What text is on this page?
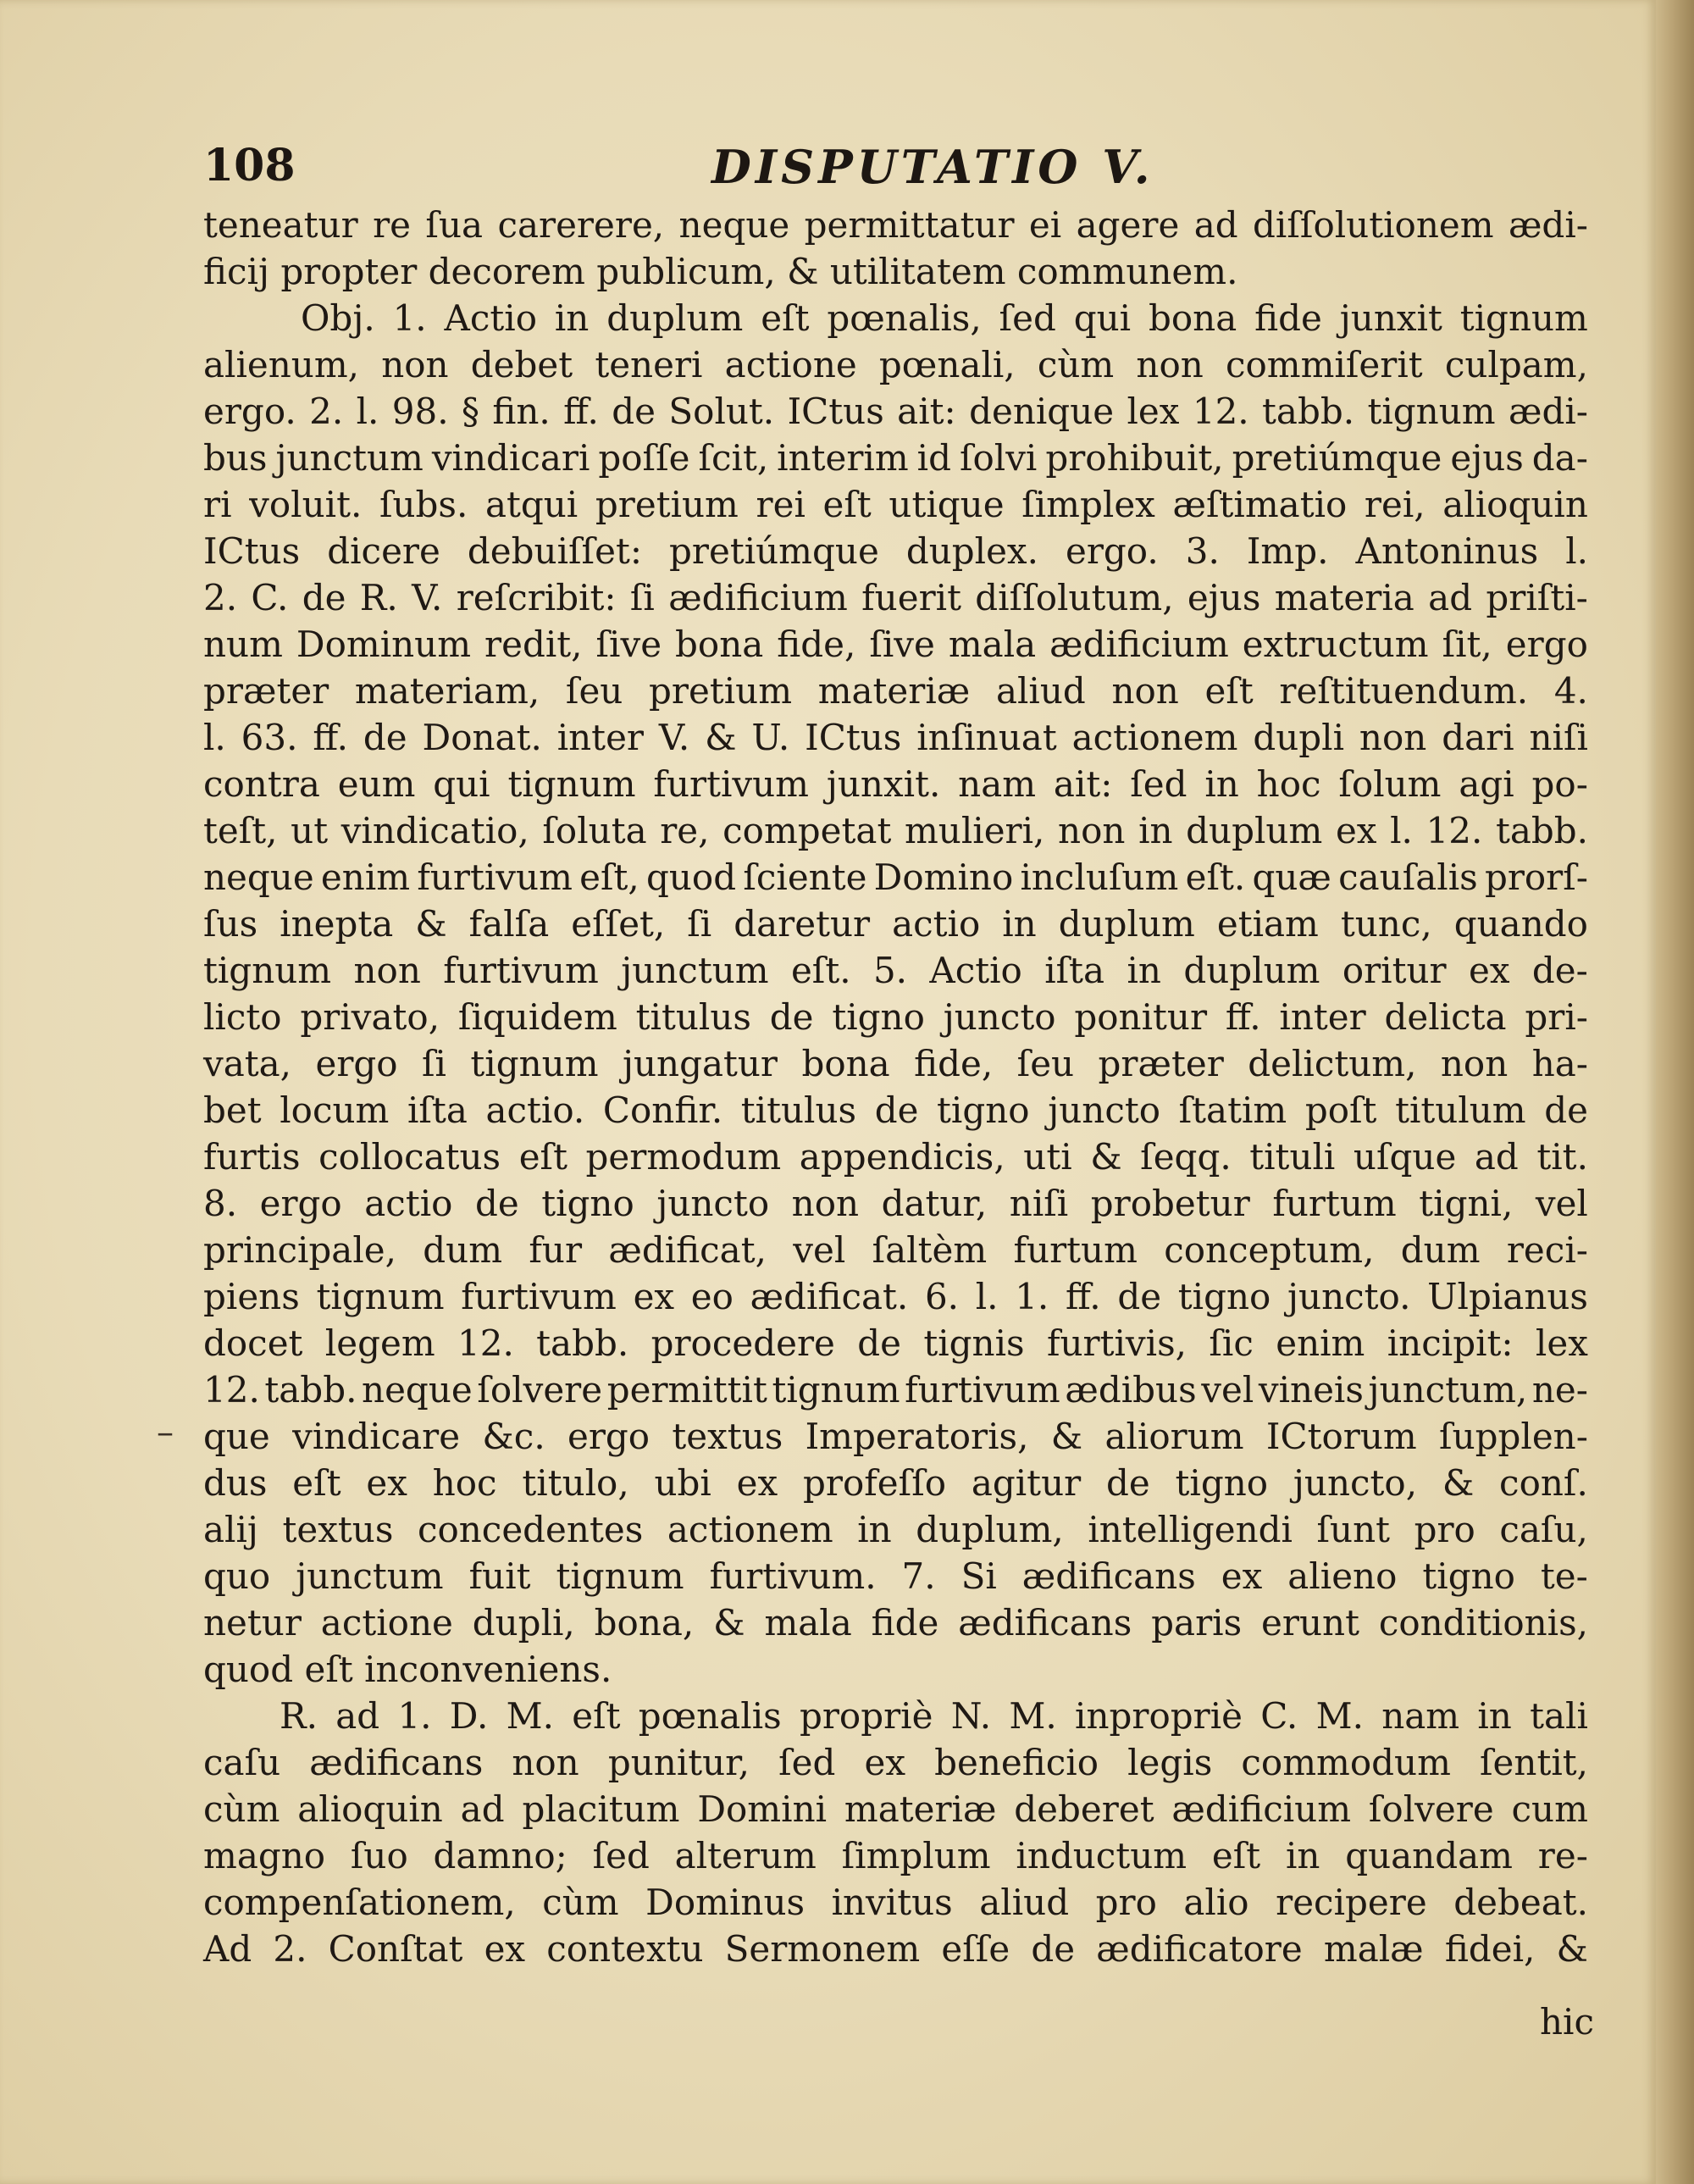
108	DISPUTATIO V.
teneatur re ſua carerere, neque permittatur ei agere ad diſſolutionem ædi-
ficij propter decorem publicum, & utilitatem communem.
Obj. 1. Actio in duplum eſt pœnalis, ſed qui bona fide junxit tignum
alienum, non debet teneri actione pœnali, cùm non commiſerit culpam,
ergo. 2. l. 98. § fin. ff. de Solut. ICtus ait: denique lex 12. tabb. tignum ædi-
bus junctum vindicari poſſe ſcit, interim id ſolvi prohibuit, pretiúmque ejus da-
ri voluit. ſubs. atqui pretium rei eſt utique ſimplex æſtimatio rei, alioquin
ICtus dicere debuiſſet: pretiúmque duplex. ergo. 3. Imp. Antoninus l.
2. C. de R. V. reſcribit: ſi ædificium fuerit diſſolutum, ejus materia ad priſti-
num Dominum redit, ſive bona fide, ſive mala ædificium extructum ſit, ergo
præter materiam, ſeu pretium materiæ aliud non eſt reſtituendum. 4.
l. 63. ff. de Donat. inter V. & U. ICtus inſinuat actionem dupli non dari niſi
contra eum qui tignum furtivum junxit. nam ait: ſed in hoc ſolum agi po-
teſt, ut vindicatio, ſoluta re, competat mulieri, non in duplum ex l. 12. tabb.
neque enim furtivum eſt, quod ſciente Domino incluſum eſt. quæ cauſalis prorſ-
ſus inepta & falſa eſſet, ſi daretur actio in duplum etiam tunc, quando
tignum non furtivum junctum eſt. 5. Actio iſta in duplum oritur ex de-
licto privato, ſiquidem titulus de tigno juncto ponitur ff. inter delicta pri-
vata, ergo ſi tignum jungatur bona fide, ſeu præter delictum, non ha-
bet locum iſta actio. Confir. titulus de tigno juncto ſtatim poſt titulum de
furtis collocatus eſt permodum appendicis, uti & ſeqq. tituli uſque ad tit.
8. ergo actio de tigno juncto non datur, niſi probetur furtum tigni, vel
principale, dum fur ædificat, vel ſaltèm furtum conceptum, dum reci-
piens tignum furtivum ex eo ædificat. 6. l. 1. ff. de tigno juncto. Ulpianus
docet legem 12. tabb. procedere de tignis furtivis, ſic enim incipit: lex
12. tabb. neque ſolvere permittit tignum furtivum ædibus vel vineis junctum, ne-
que vindicare &c. ergo textus Imperatoris, & aliorum ICtorum ſupplen-
dus eſt ex hoc titulo, ubi ex profeſſo agitur de tigno juncto, & conſ.
alij textus concedentes actionem in duplum, intelligendi ſunt pro caſu,
quo junctum fuit tignum furtivum. 7. Si ædificans ex alieno tigno te-
netur actione dupli, bona, & mala fide ædificans paris erunt conditionis,
quod eſt inconveniens.
R. ad 1. D. M. eſt pœnalis propriè N. M. inpropriè C. M. nam in tali
caſu ædificans non punitur, ſed ex beneficio legis commodum ſentit,
cùm alioquin ad placitum Domini materiæ deberet ædificium ſolvere cum
magno ſuo damno; ſed alterum ſimplum inductum eſt in quandam re-
compenſationem, cùm Dominus invitus aliud pro alio recipere debeat.
Ad 2. Conſtat ex contextu Sermonem eſſe de ædificatore malæ fidei, &
–
hic
